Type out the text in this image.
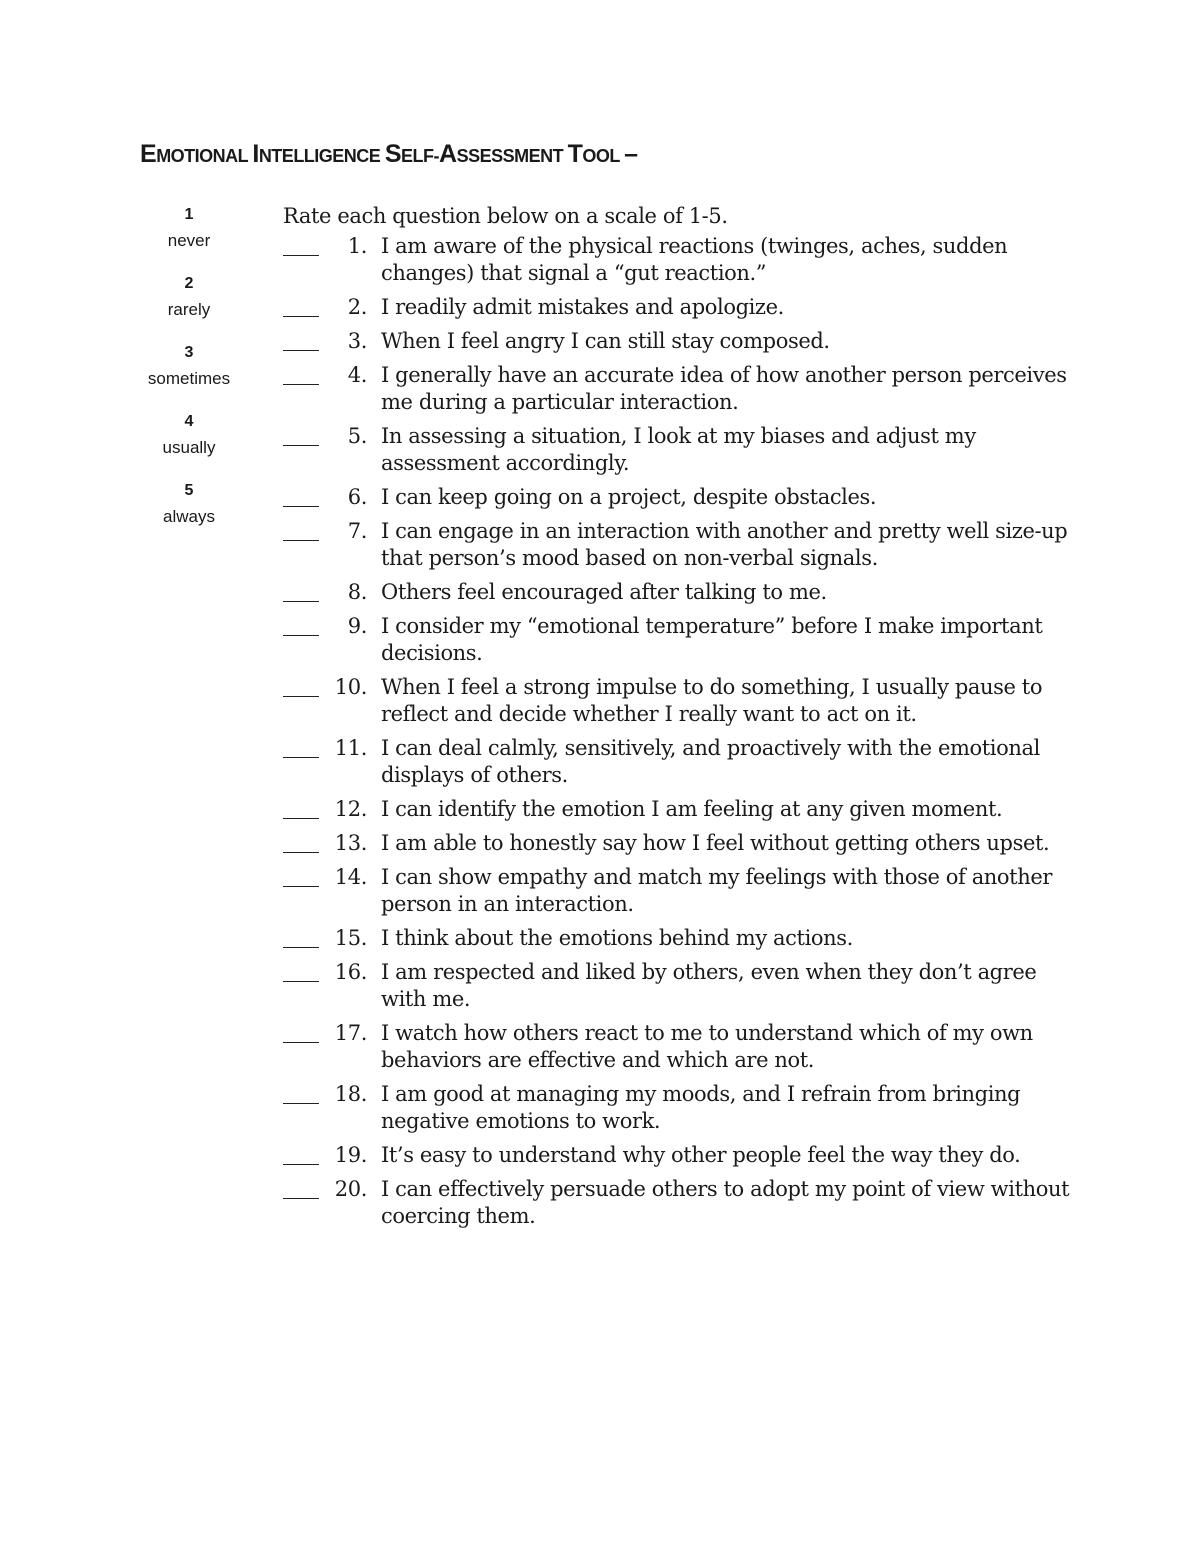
EMOTIONAL INTELLIGENCE SELF-ASSESSMENT TOOL –
1
never
2
rarely
3
sometimes
4
usually
5
always
Rate each question below on a scale of 1-5.
1. I am aware of the physical reactions (twinges, aches, sudden changes) that signal a “gut reaction.”
2. I readily admit mistakes and apologize.
3. When I feel angry I can still stay composed.
4. I generally have an accurate idea of how another person perceives me during a particular interaction.
5. In assessing a situation, I look at my biases and adjust my assessment accordingly.
6. I can keep going on a project, despite obstacles.
7. I can engage in an interaction with another and pretty well size-up that person’s mood based on non-verbal signals.
8. Others feel encouraged after talking to me.
9. I consider my “emotional temperature” before I make important decisions.
10. When I feel a strong impulse to do something, I usually pause to reflect and decide whether I really want to act on it.
11. I can deal calmly, sensitively, and proactively with the emotional displays of others.
12. I can identify the emotion I am feeling at any given moment.
13. I am able to honestly say how I feel without getting others upset.
14. I can show empathy and match my feelings with those of another person in an interaction.
15. I think about the emotions behind my actions.
16. I am respected and liked by others, even when they don’t agree with me.
17. I watch how others react to me to understand which of my own behaviors are effective and which are not.
18. I am good at managing my moods, and I refrain from bringing negative emotions to work.
19. It’s easy to understand why other people feel the way they do.
20. I can effectively persuade others to adopt my point of view without coercing them.
